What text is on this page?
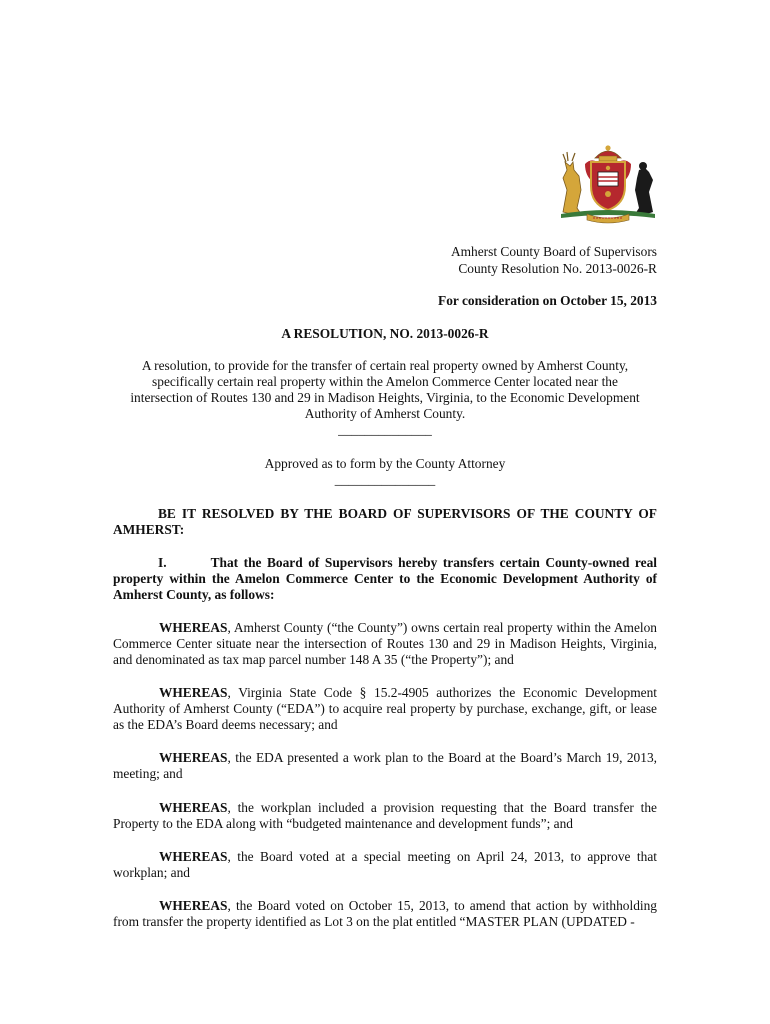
Amherst County Board of Supervisors
County Resolution No. 2013-0026-R
For consideration on October 15, 2013
A RESOLUTION, NO. 2013-0026-R
A resolution, to provide for the transfer of certain real property owned by Amherst County,
specifically certain real property within the Amelon Commerce Center located near the
intersection of Routes 130 and 29 in Madison Heights, Virginia, to the Economic Development
Authority of Amherst County.
______________
Approved as to form by the County Attorney
_______________
BE IT RESOLVED BY THE BOARD OF SUPERVISORS OF THE COUNTY OF AMHERST:
I.	That the Board of Supervisors hereby transfers certain County-owned real property within the Amelon Commerce Center to the Economic Development Authority of Amherst County, as follows:
WHEREAS, Amherst County (“the County”) owns certain real property within the Amelon Commerce Center situate near the intersection of Routes 130 and 29 in Madison Heights, Virginia, and denominated as tax map parcel number 148 A 35 (“the Property”); and
WHEREAS, Virginia State Code § 15.2-4905 authorizes the Economic Development Authority of Amherst County (“EDA”) to acquire real property by purchase, exchange, gift, or lease as the EDA’s Board deems necessary; and
WHEREAS, the EDA presented a work plan to the Board at the Board’s March 19, 2013, meeting; and
WHEREAS, the workplan included a provision requesting that the Board transfer the Property to the EDA along with “budgeted maintenance and development funds”; and
WHEREAS, the Board voted at a special meeting on April 24, 2013, to approve that workplan; and
WHEREAS, the Board voted on October 15, 2013, to amend that action by withholding from transfer the property identified as Lot 3 on the plat entitled “MASTER PLAN (UPDATED -
